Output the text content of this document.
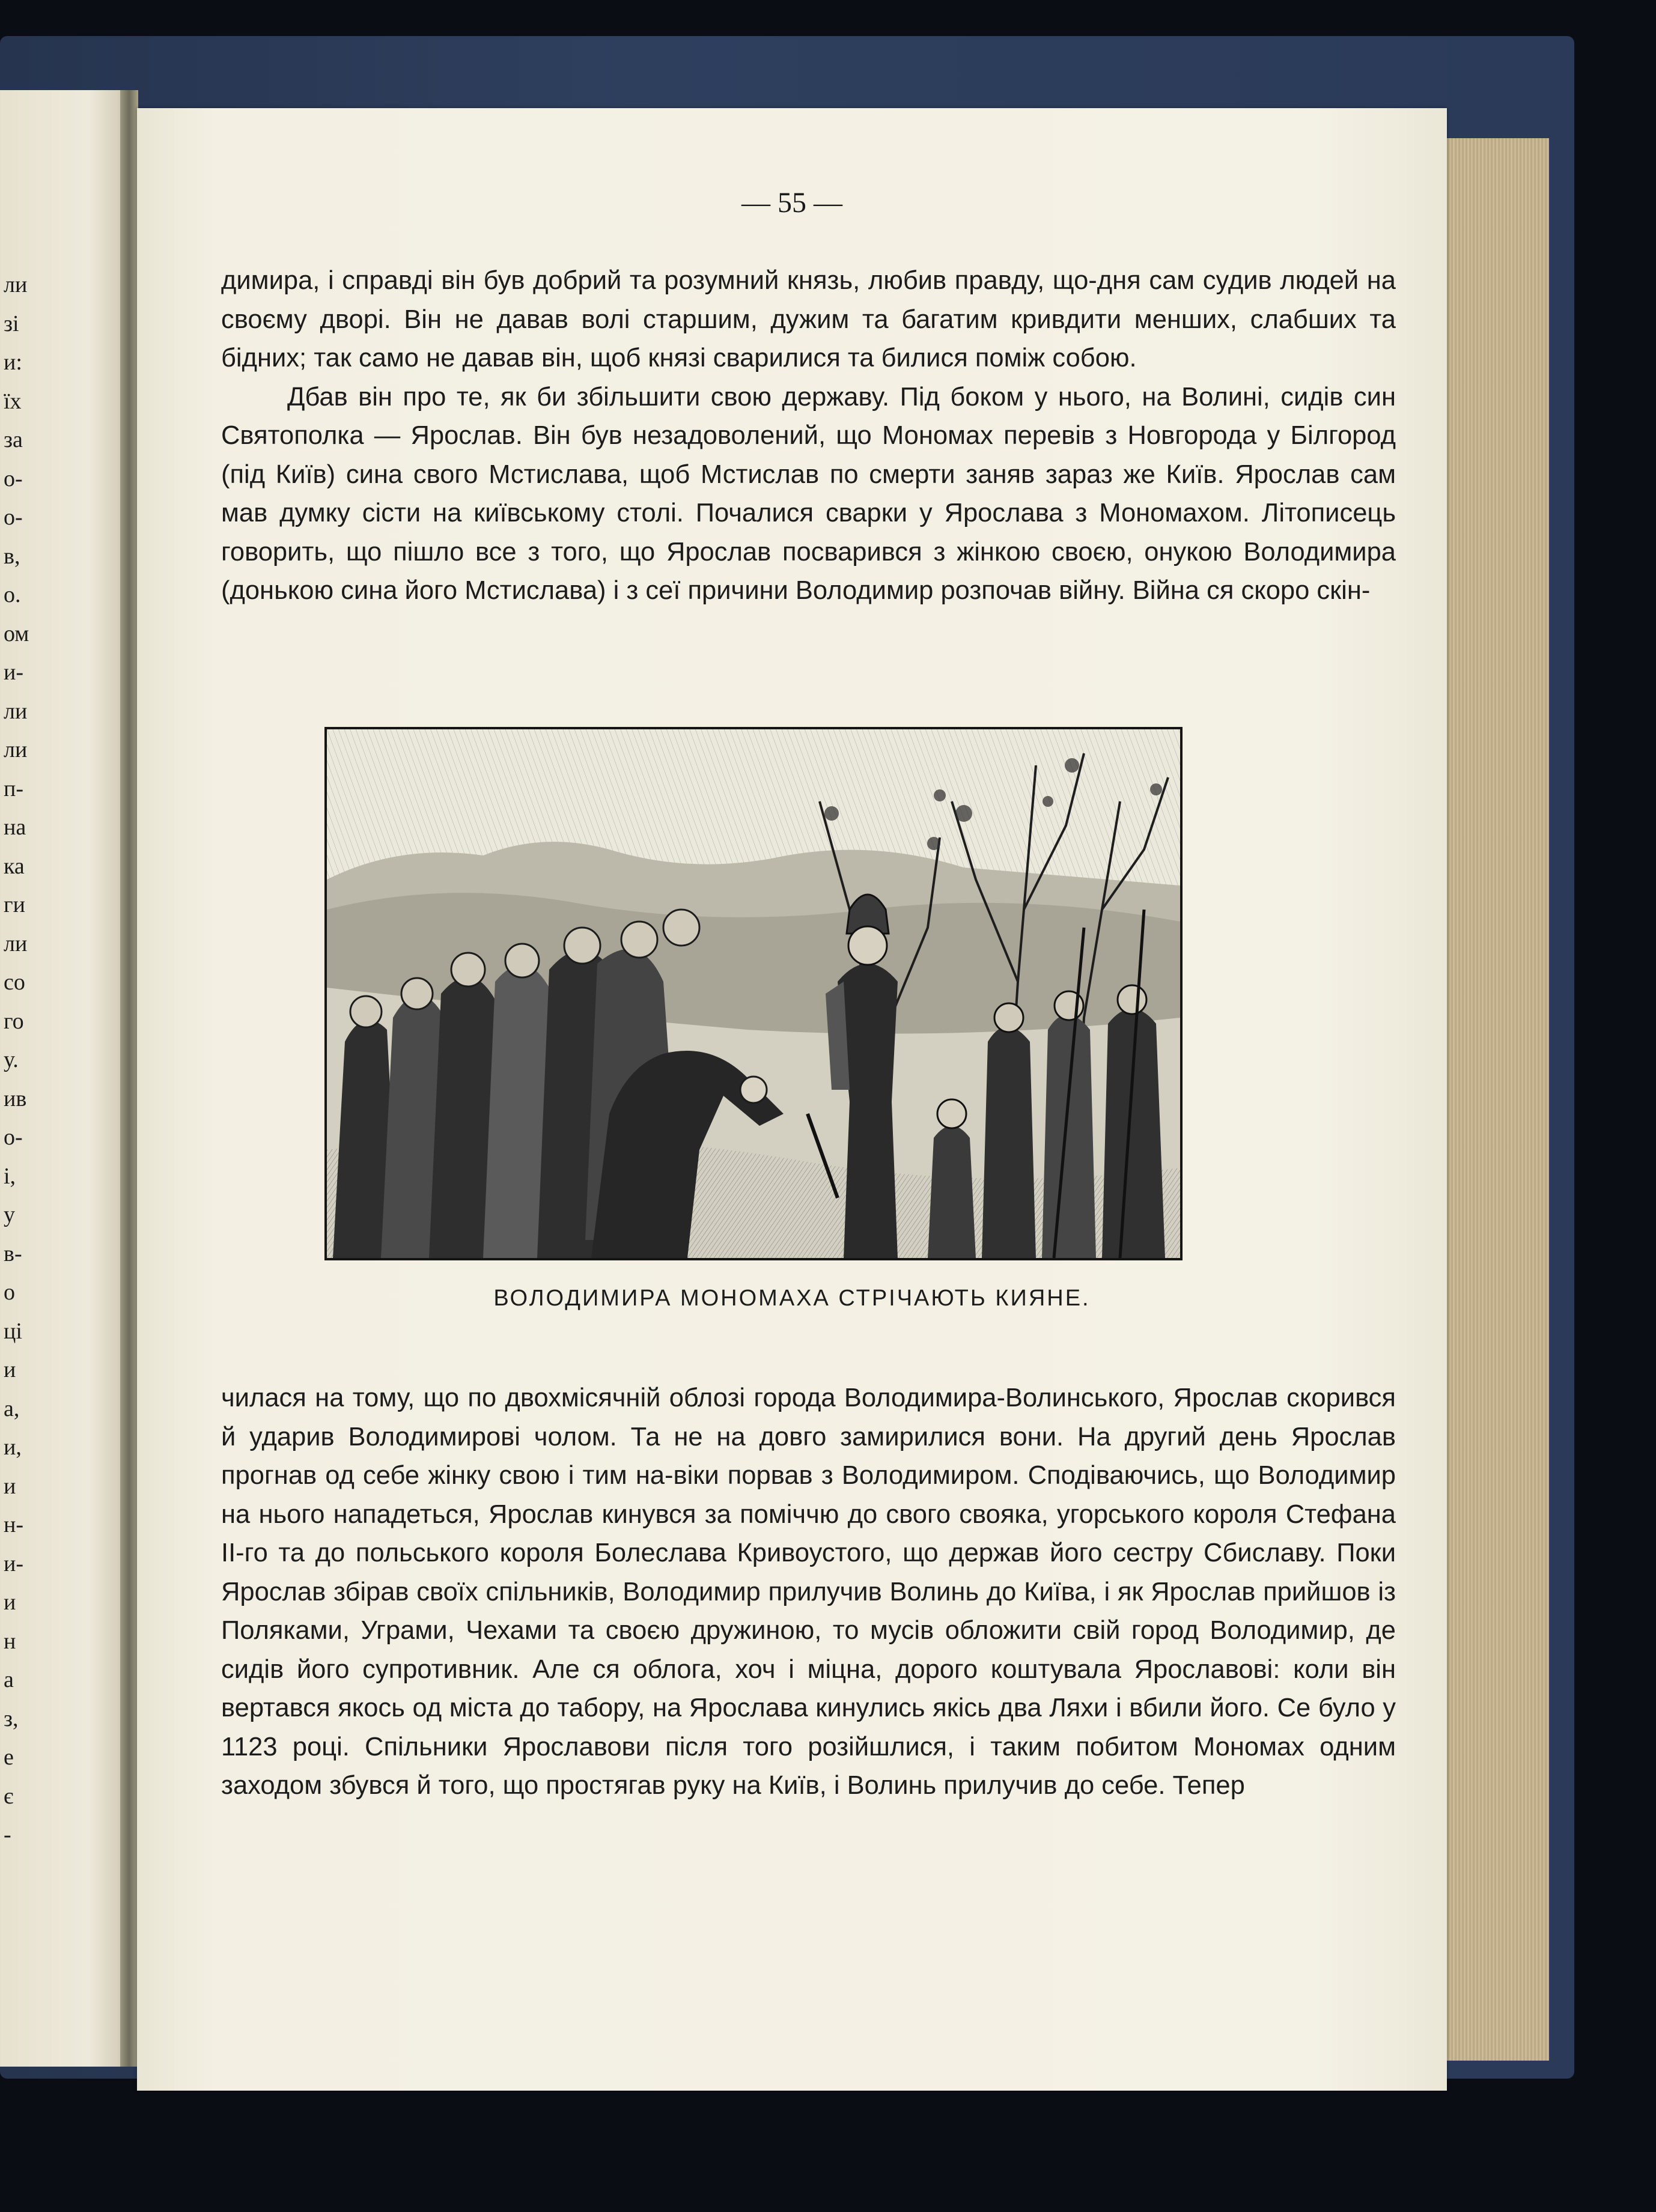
ли
зі
и:
їх
за
о-
о-
в,
о.
ом
и-
ли
ли
п-
на
ка
ги
ли
со
го
у.
ив
о-
і,
у
в-
о
ці
и
а,
и,
и
н-
и-
и
н
а
з,
е
є
-
— 55 —

димира, і справді він був добрий та розумний князь, любив правду, що-дня сам судив людей на своєму дворі. Він не давав волі старшим, дужим та багатим кривдити менших, слабших та бідних; так само не давав він, щоб князі сварилися та билися поміж собою.

Дбав він про те, як би збільшити свою державу. Під боком у нього, на Волині, сидів син Святополка — Ярослав. Він був незадоволений, що Мономах перевів з Новгорода у Білгород (під Київ) сина свого Мстислава, щоб Мстислав по смерти заняв зараз же Київ. Ярослав сам мав думку сісти на київському столі. Почалися сварки у Ярослава з Мономахом. Літописець говорить, що пішло все з того, що Ярослав посварився з жінкою своєю, онукою Володимира (донькою сина його Мстислава) і з сеї причини Володимир розпочав війну. Війна ся скоро скін-

ВОЛОДИМИРА МОНОМАХА СТРІЧАЮТЬ КИЯНЕ.

чилася на тому, що по двохмісячній облозі города Володимира-Волинського, Ярослав скорився й ударив Володимирові чолом. Та не на довго замирилися вони. На другий день Ярослав прогнав од себе жінку свою і тим на-віки порвав з Володимиром. Сподіваючись, що Володимир на нього нападеться, Ярослав кинувся за поміччю до свого свояка, угорського короля Стефана ІІ-го та до польського короля Болеслава Кривоустого, що держав його сестру Сбиславу. Поки Ярослав збірав своїх спільників, Володимир прилучив Волинь до Київа, і як Ярослав прийшов із Поляками, Уграми, Чехами та своєю дружиною, то мусів обложити свій город Володимир, де сидів його супротивник. Але ся облога, хоч і міцна, дорого коштувала Ярославові: коли він вертався якось од міста до табору, на Ярослава кинулись якісь два Ляхи і вбили його. Се було у 1123 році. Спільники Ярославови після того розійшлися, і таким побитом Мономах одним заходом збувся й того, що простягав руку на Київ, і Волинь прилучив до себе. Тепер
